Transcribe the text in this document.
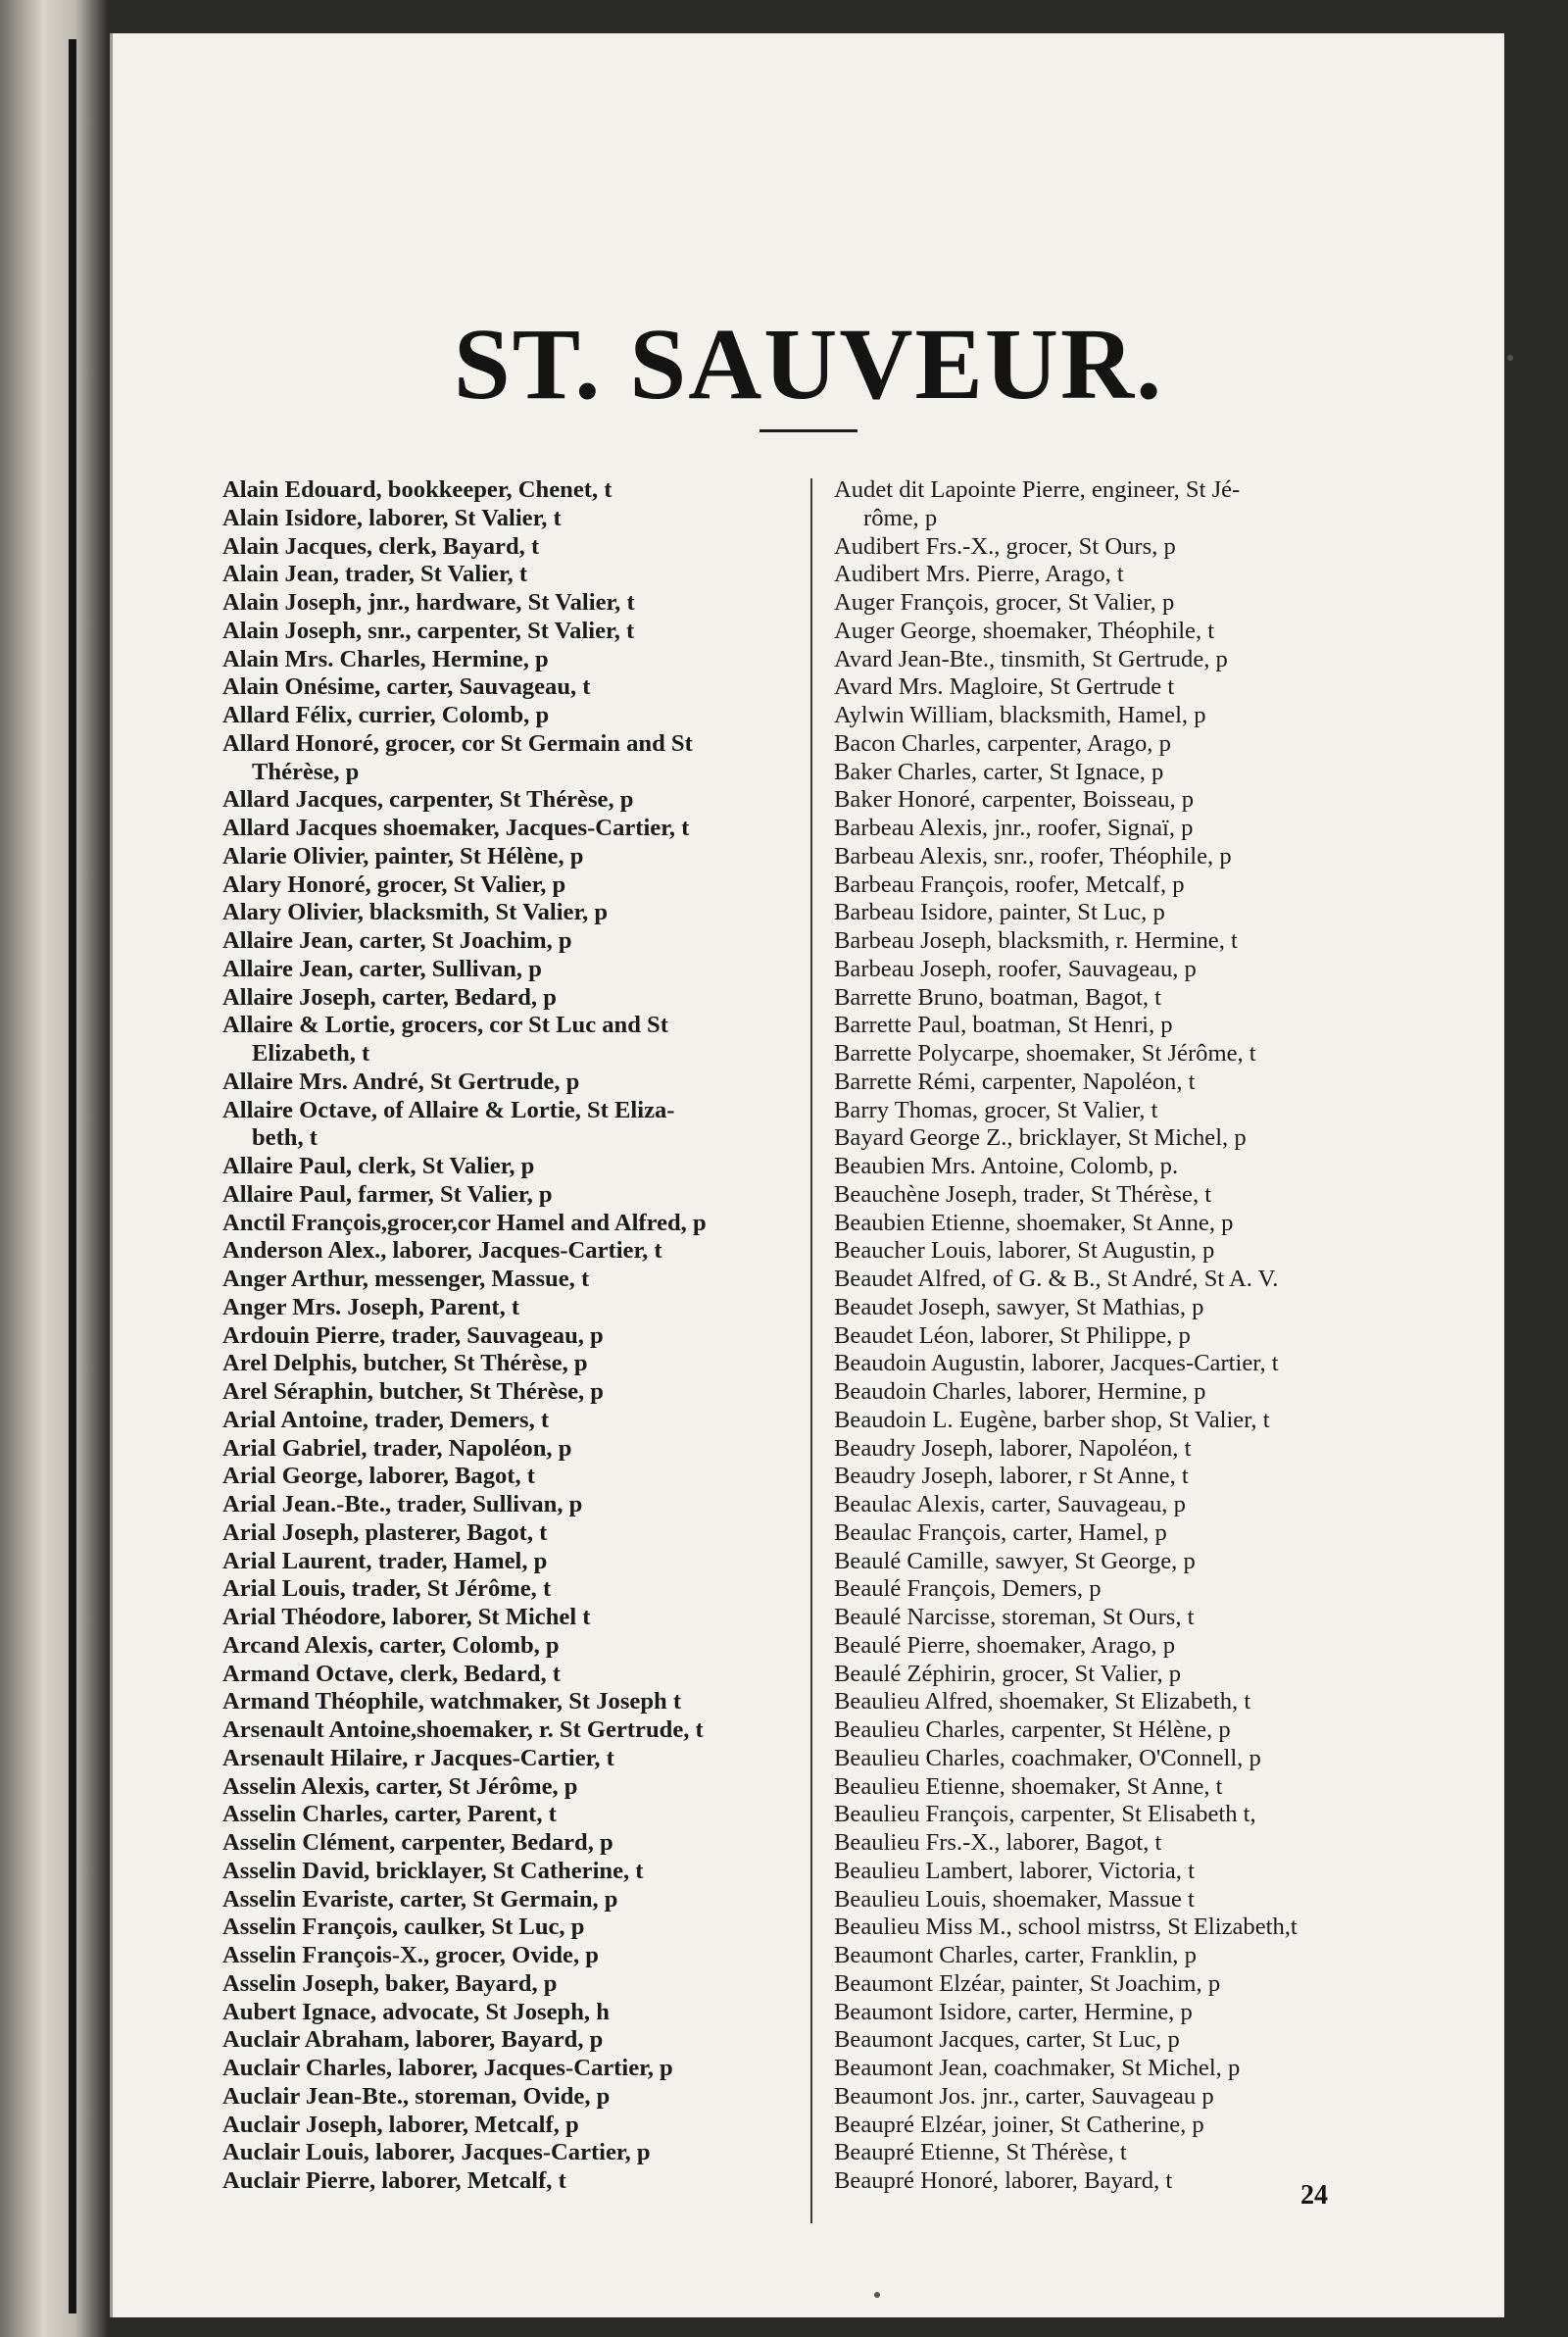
ST. SAUVEUR.
Alain Edouard, bookkeeper, Chenet, t
Alain Isidore, laborer, St Valier, t
Alain Jacques, clerk, Bayard, t
Alain Jean, trader, St Valier, t
Alain Joseph, jnr., hardware, St Valier, t
Alain Joseph, snr., carpenter, St Valier, t
Alain Mrs. Charles, Hermine, p
Alain Onésime, carter, Sauvageau, t
Allard Félix, currier, Colomb, p
Allard Honoré, grocer, cor St Germain and St
Thérèse, p
Allard Jacques, carpenter, St Thérèse, p
Allard Jacques shoemaker, Jacques-Cartier, t
Alarie Olivier, painter, St Hélène, p
Alary Honoré, grocer, St Valier, p
Alary Olivier, blacksmith, St Valier, p
Allaire Jean, carter, St Joachim, p
Allaire Jean, carter, Sullivan, p
Allaire Joseph, carter, Bedard, p
Allaire & Lortie, grocers, cor St Luc and St
Elizabeth, t
Allaire Mrs. André, St Gertrude, p
Allaire Octave, of Allaire & Lortie, St Eliza-
beth, t
Allaire Paul, clerk, St Valier, p
Allaire Paul, farmer, St Valier, p
Anctil François,grocer,cor Hamel and Alfred, p
Anderson Alex., laborer, Jacques-Cartier, t
Anger Arthur, messenger, Massue, t
Anger Mrs. Joseph, Parent, t
Ardouin Pierre, trader, Sauvageau, p
Arel Delphis, butcher, St Thérèse, p
Arel Séraphin, butcher, St Thérèse, p
Arial Antoine, trader, Demers, t
Arial Gabriel, trader, Napoléon, p
Arial George, laborer, Bagot, t
Arial Jean.-Bte., trader, Sullivan, p
Arial Joseph, plasterer, Bagot, t
Arial Laurent, trader, Hamel, p
Arial Louis, trader, St Jérôme, t
Arial Théodore, laborer, St Michel t
Arcand Alexis, carter, Colomb, p
Armand Octave, clerk, Bedard, t
Armand Théophile, watchmaker, St Joseph t
Arsenault Antoine,shoemaker, r. St Gertrude, t
Arsenault Hilaire, r Jacques-Cartier, t
Asselin Alexis, carter, St Jérôme, p
Asselin Charles, carter, Parent, t
Asselin Clément, carpenter, Bedard, p
Asselin David, bricklayer, St Catherine, t
Asselin Evariste, carter, St Germain, p
Asselin François, caulker, St Luc, p
Asselin François-X., grocer, Ovide, p
Asselin Joseph, baker, Bayard, p
Aubert Ignace, advocate, St Joseph, h
Auclair Abraham, laborer, Bayard, p
Auclair Charles, laborer, Jacques-Cartier, p
Auclair Jean-Bte., storeman, Ovide, p
Auclair Joseph, laborer, Metcalf, p
Auclair Louis, laborer, Jacques-Cartier, p
Auclair Pierre, laborer, Metcalf, t
Audet dit Lapointe Pierre, engineer, St Jé-
rôme, p
Audibert Frs.-X., grocer, St Ours, p
Audibert Mrs. Pierre, Arago, t
Auger François, grocer, St Valier, p
Auger George, shoemaker, Théophile, t
Avard Jean-Bte., tinsmith, St Gertrude, p
Avard Mrs. Magloire, St Gertrude t
Aylwin William, blacksmith, Hamel, p
Bacon Charles, carpenter, Arago, p
Baker Charles, carter, St Ignace, p
Baker Honoré, carpenter, Boisseau, p
Barbeau Alexis, jnr., roofer, Signaï, p
Barbeau Alexis, snr., roofer, Théophile, p
Barbeau François, roofer, Metcalf, p
Barbeau Isidore, painter, St Luc, p
Barbeau Joseph, blacksmith, r. Hermine, t
Barbeau Joseph, roofer, Sauvageau, p
Barrette Bruno, boatman, Bagot, t
Barrette Paul, boatman, St Henri, p
Barrette Polycarpe, shoemaker, St Jérôme, t
Barrette Rémi, carpenter, Napoléon, t
Barry Thomas, grocer, St Valier, t
Bayard George Z., bricklayer, St Michel, p
Beaubien Mrs. Antoine, Colomb, p.
Beauchène Joseph, trader, St Thérèse, t
Beaubien Etienne, shoemaker, St Anne, p
Beaucher Louis, laborer, St Augustin, p
Beaudet Alfred, of G. & B., St André, St A. V.
Beaudet Joseph, sawyer, St Mathias, p
Beaudet Léon, laborer, St Philippe, p
Beaudoin Augustin, laborer, Jacques-Cartier, t
Beaudoin Charles, laborer, Hermine, p
Beaudoin L. Eugène, barber shop, St Valier, t
Beaudry Joseph, laborer, Napoléon, t
Beaudry Joseph, laborer, r St Anne, t
Beaulac Alexis, carter, Sauvageau, p
Beaulac François, carter, Hamel, p
Beaulé Camille, sawyer, St George, p
Beaulé François, Demers, p
Beaulé Narcisse, storeman, St Ours, t
Beaulé Pierre, shoemaker, Arago, p
Beaulé Zéphirin, grocer, St Valier, p
Beaulieu Alfred, shoemaker, St Elizabeth, t
Beaulieu Charles, carpenter, St Hélène, p
Beaulieu Charles, coachmaker, O'Connell, p
Beaulieu Etienne, shoemaker, St Anne, t
Beaulieu François, carpenter, St Elisabeth t,
Beaulieu Frs.-X., laborer, Bagot, t
Beaulieu Lambert, laborer, Victoria, t
Beaulieu Louis, shoemaker, Massue t
Beaulieu Miss M., school mistrss, St Elizabeth,t
Beaumont Charles, carter, Franklin, p
Beaumont Elzéar, painter, St Joachim, p
Beaumont Isidore, carter, Hermine, p
Beaumont Jacques, carter, St Luc, p
Beaumont Jean, coachmaker, St Michel, p
Beaumont Jos. jnr., carter, Sauvageau p
Beaupré Elzéar, joiner, St Catherine, p
Beaupré Etienne, St Thérèse, t
Beaupré Honoré, laborer, Bayard, t	24
